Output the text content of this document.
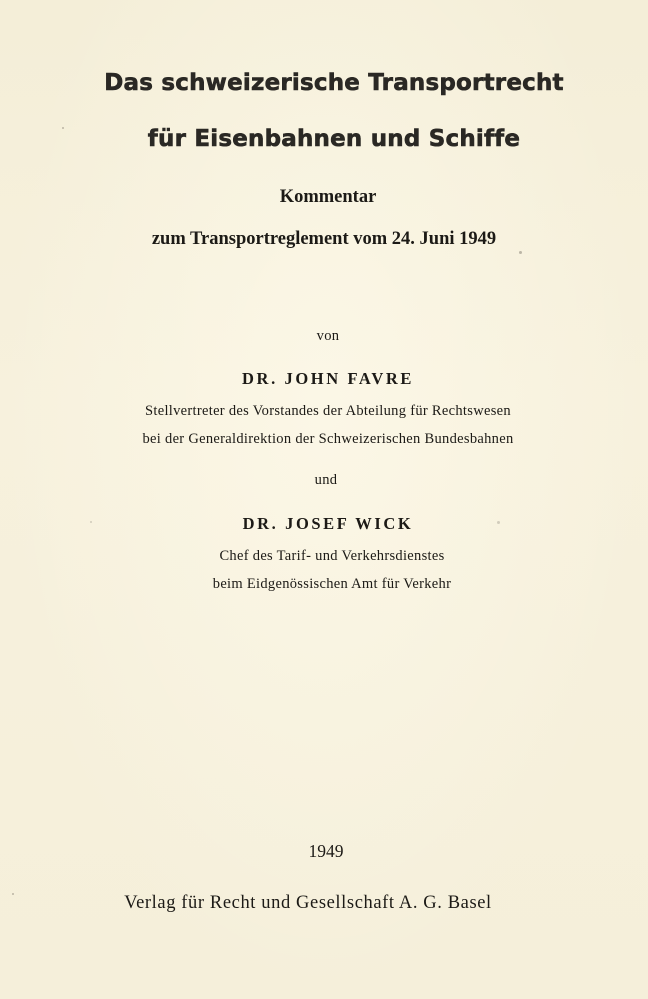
Das schweizerische Transportrecht
für Eisenbahnen und Schiffe
Kommentar
zum Transportreglement vom 24. Juni 1949
von
DR. JOHN FAVRE
Stellvertreter des Vorstandes der Abteilung für Rechtswesen
bei der Generaldirektion der Schweizerischen Bundesbahnen
und
DR. JOSEF WICK
Chef des Tarif- und Verkehrsdienstes
beim Eidgenössischen Amt für Verkehr
1949
Verlag für Recht und Gesellschaft A. G. Basel
